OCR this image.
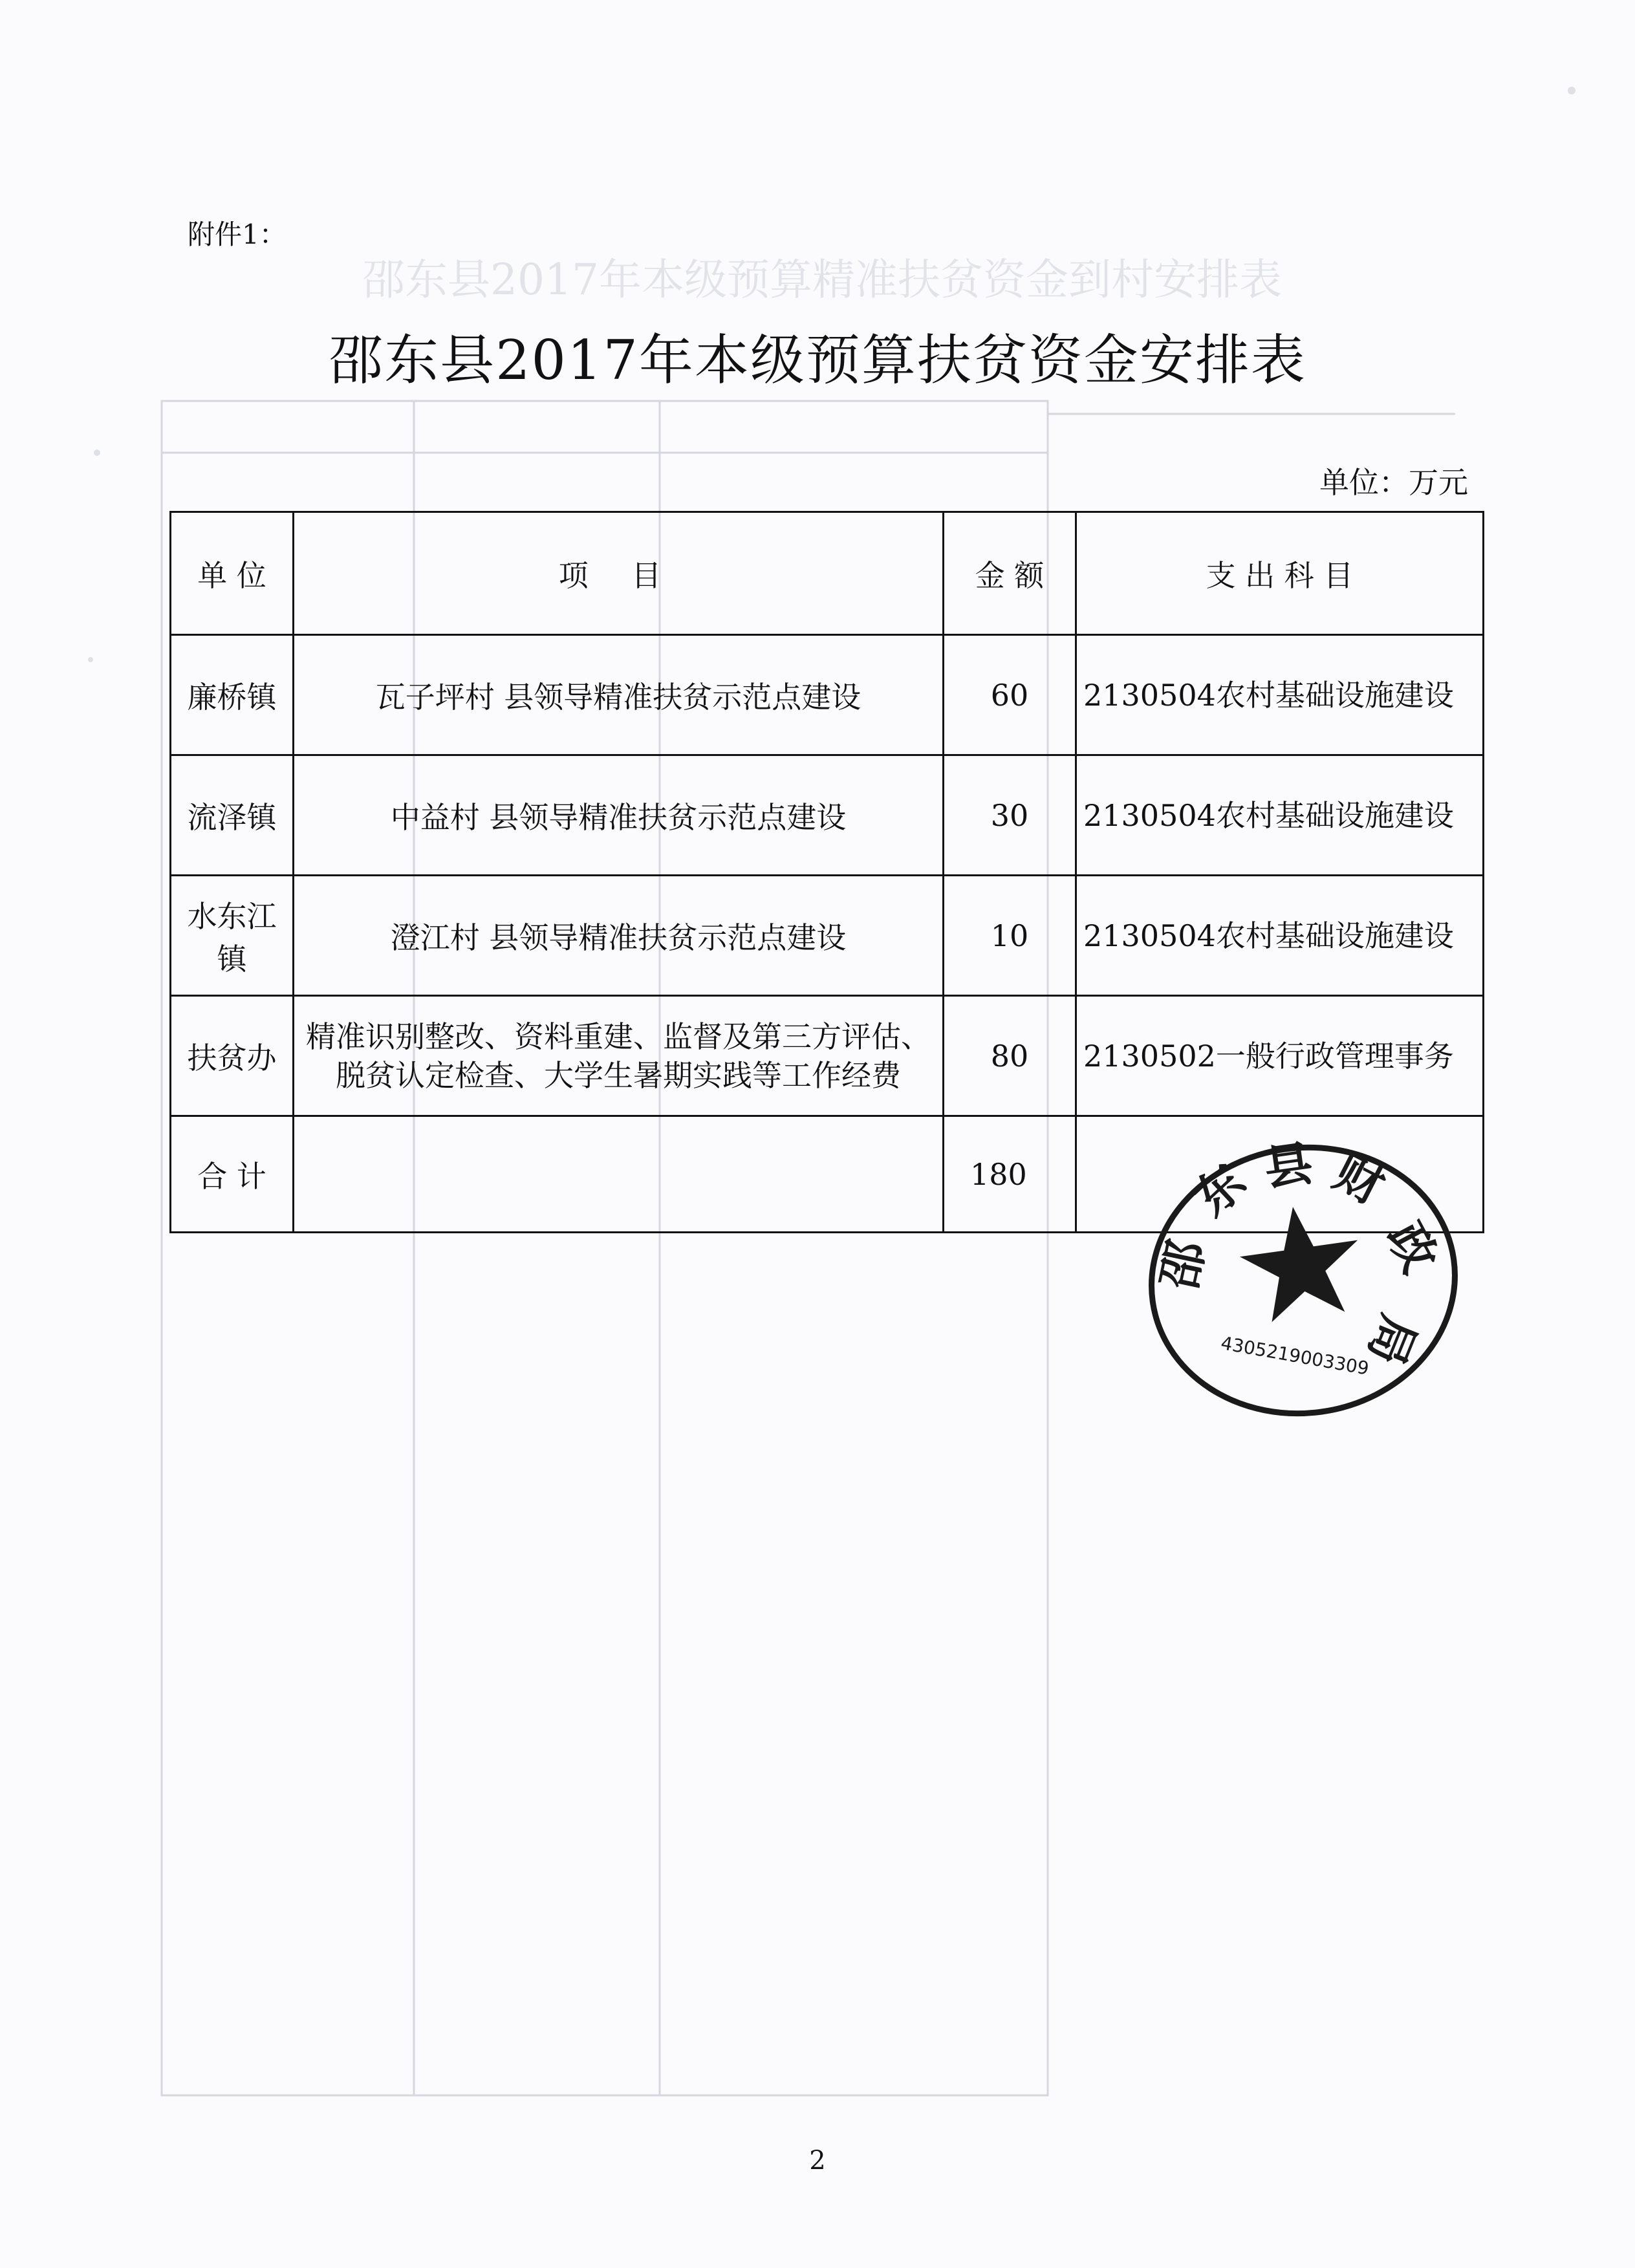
邵东县2017年本级预算精准扶贫资金到村安排表
附件1：
邵东县2017年本级预算扶贫资金安排表
单位：万元
单 位	项 目	金 额	支 出 科 目
廉桥镇	瓦子坪村 县领导精准扶贫示范点建设	60	2130504农村基础设施建设
流泽镇	中益村 县领导精准扶贫示范点建设	30	2130504农村基础设施建设
水东江镇	澄江村 县领导精准扶贫示范点建设	10	2130504农村基础设施建设
扶贫办	精准识别整改、资料重建、监督及第三方评估、脱贫认定检查、大学生暑期实践等工作经费	80	2130502一般行政管理事务
合 计		180	
邵
东 县 财
政
局
4305219003309
2
